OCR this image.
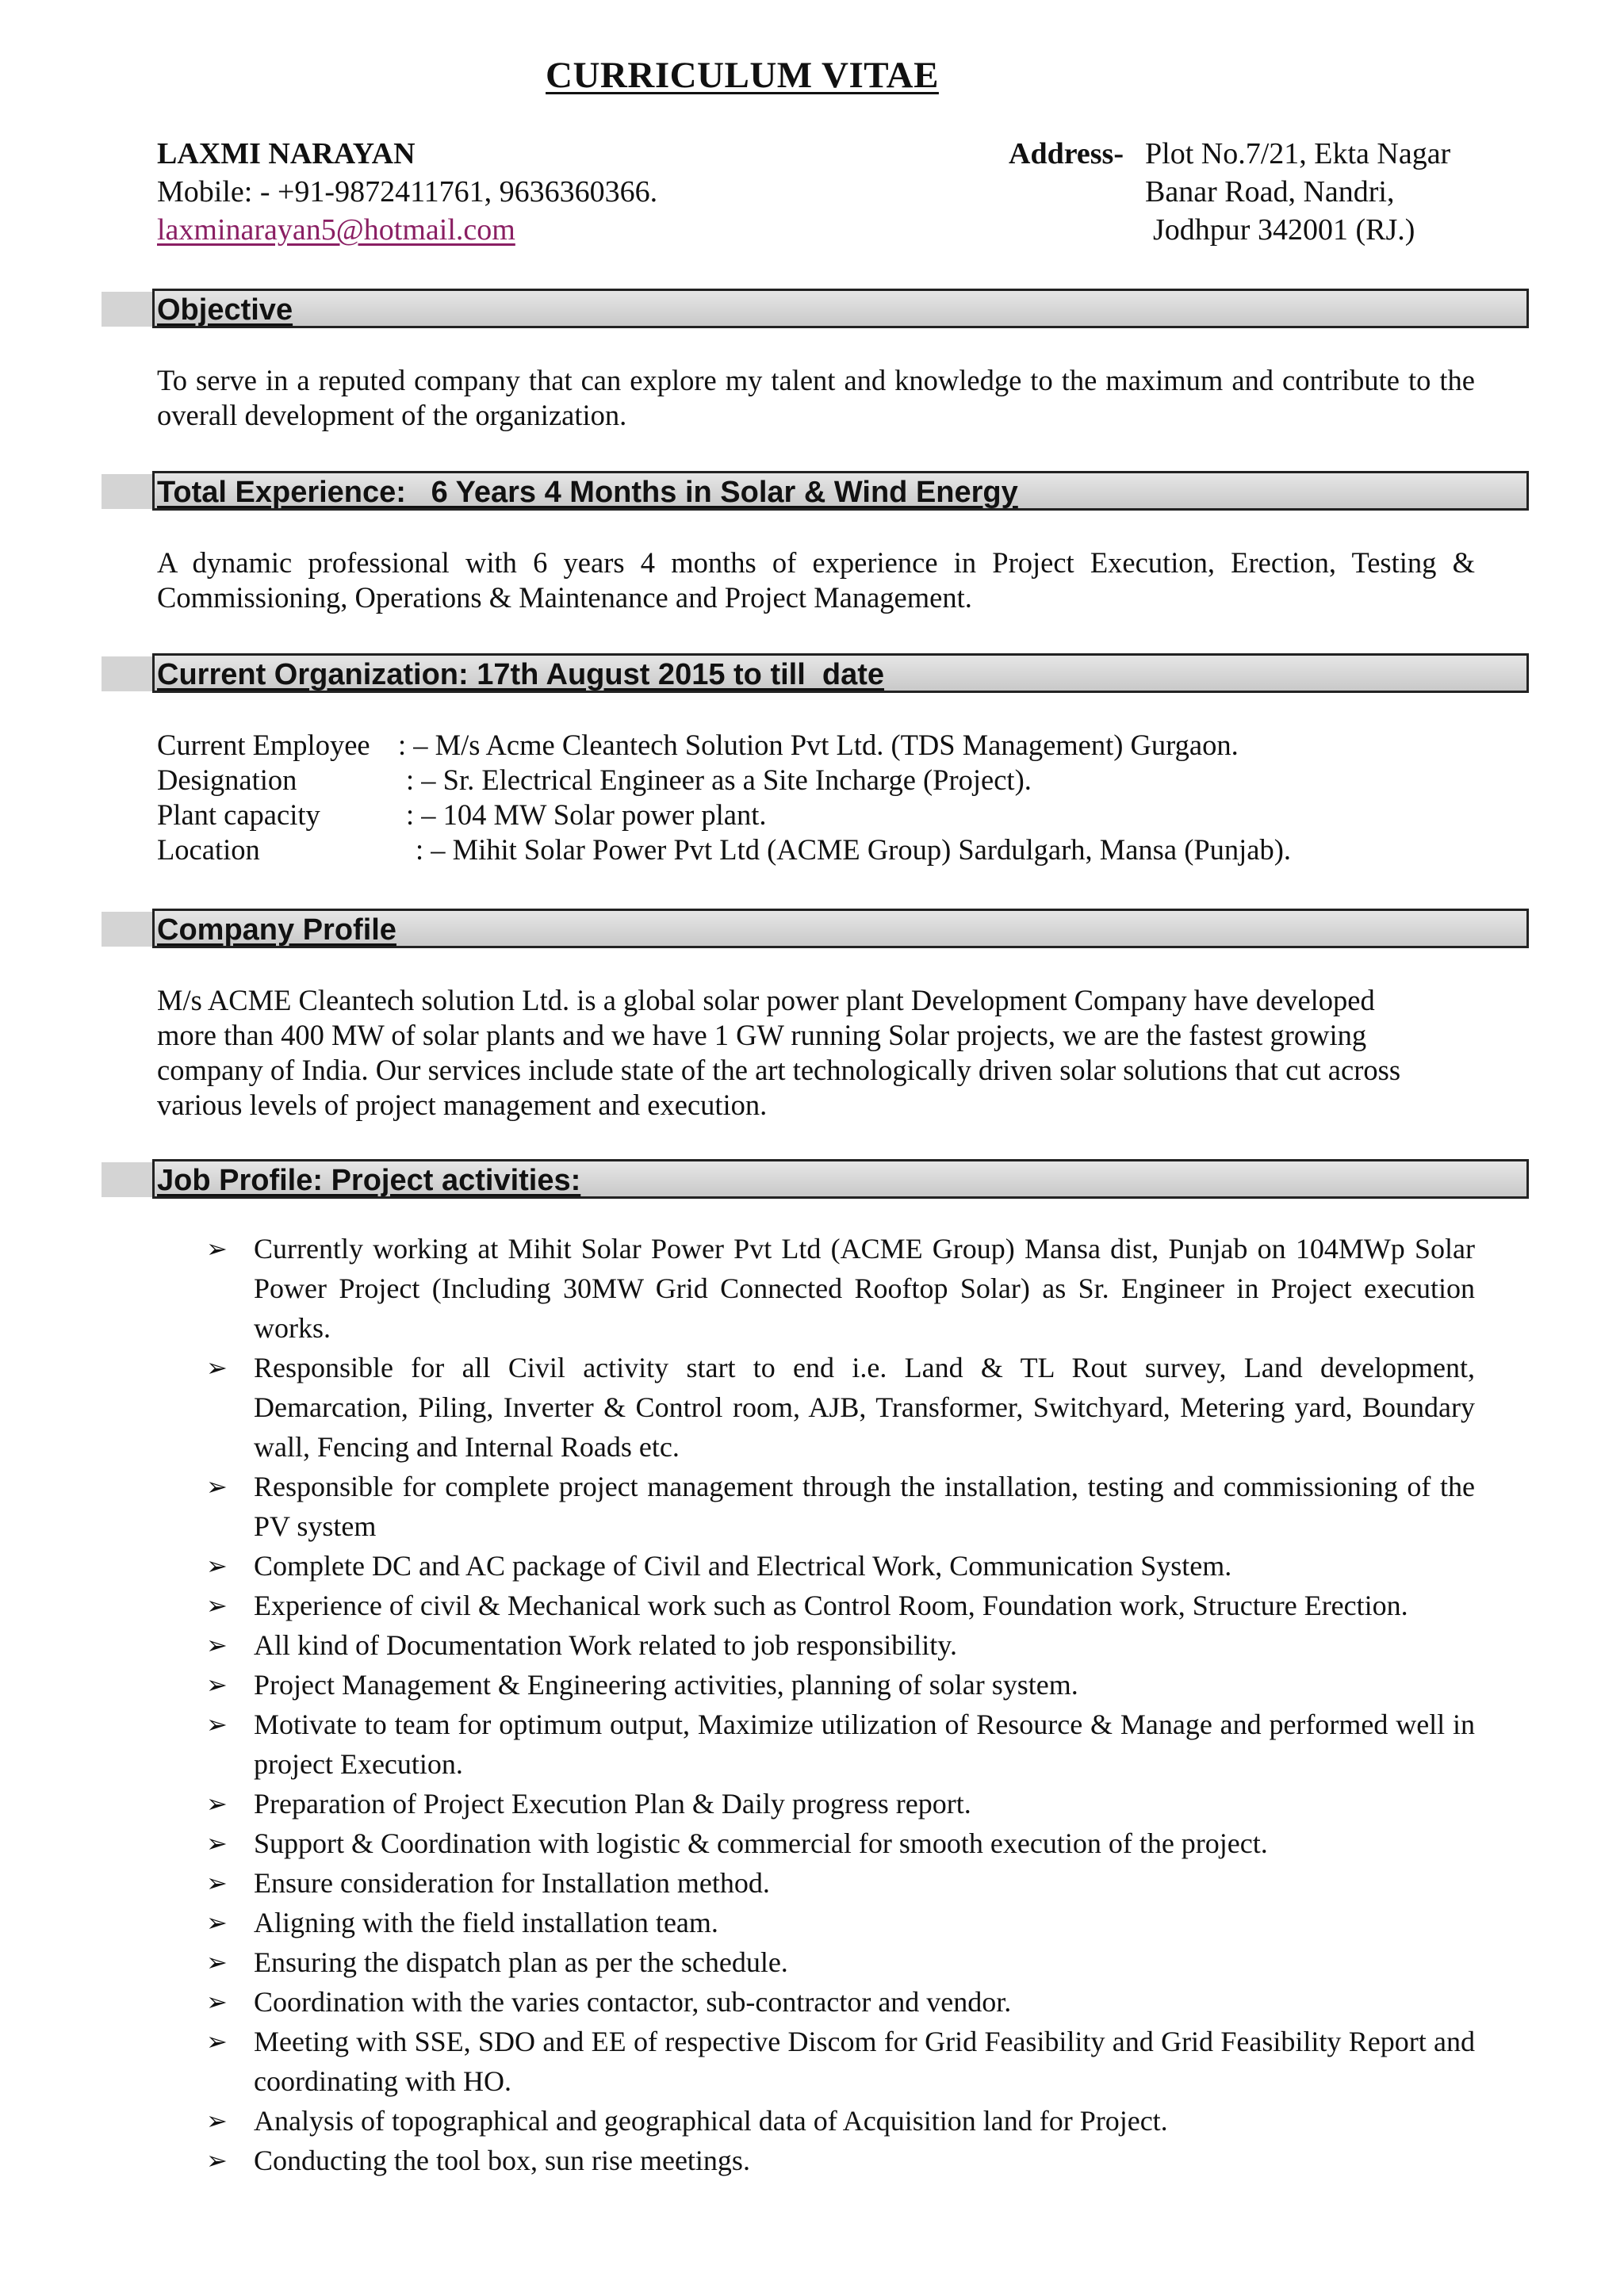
CURRICULUM VITAE
LAXMI NARAYAN
Mobile: - +91-9872411761, 9636360366.
laxminarayan5@hotmail.com
Address- Plot No.7/21, Ekta Nagar
Banar Road, Nandri,
Jodhpur 342001 (RJ.)
Objective
To serve in a reputed company that can explore my talent and knowledge to the maximum and contribute to the overall development of the organization.
Total Experience:   6 Years 4 Months in Solar & Wind Energy
A dynamic professional with 6 years 4 months of experience in Project Execution, Erection, Testing & Commissioning, Operations & Maintenance and Project Management.
Current Organization: 17th August 2015 to till  date
Current Employee : – M/s Acme Cleantech Solution Pvt Ltd. (TDS Management) Gurgaon.
Designation	: – Sr. Electrical Engineer as a Site Incharge (Project).
Plant capacity	: – 104 MW Solar power plant.
Location	: – Mihit Solar Power Pvt Ltd (ACME Group) Sardulgarh, Mansa (Punjab).
Company Profile

M/s ACME Cleantech solution Ltd. is a global solar power plant Development Company have developed

more than 400 MW of solar plants and we have 1 GW running Solar projects, we are the fastest growing

company of India. Our services include state of the art technologically driven solar solutions that cut across

various levels of project management and execution.

Job Profile: Project activities:
➢ Currently working at Mihit Solar Power Pvt Ltd (ACME Group) Mansa dist, Punjab on 104MWp Solar Power Project (Including 30MW Grid Connected Rooftop Solar) as Sr. Engineer in Project execution works.
➢ Responsible for all Civil activity start to end i.e. Land & TL Rout survey, Land development, Demarcation, Piling, Inverter & Control room, AJB, Transformer, Switchyard, Metering yard, Boundary wall, Fencing and Internal Roads etc.
➢ Responsible for complete project management through the installation, testing and commissioning of the PV system
➢ Complete DC and AC package of Civil and Electrical Work, Communication System.
➢ Experience of civil & Mechanical work such as Control Room, Foundation work, Structure Erection.
➢ All kind of Documentation Work related to job responsibility.
➢ Project Management & Engineering activities, planning of solar system.
➢ Motivate to team for optimum output, Maximize utilization of Resource & Manage and performed well in project Execution.
➢ Preparation of Project Execution Plan & Daily progress report.
➢ Support & Coordination with logistic & commercial for smooth execution of the project.
➢ Ensure consideration for Installation method.
➢ Aligning with the field installation team.
➢ Ensuring the dispatch plan as per the schedule.
➢ Coordination with the varies contactor, sub-contractor and vendor.
➢ Meeting with SSE, SDO and EE of respective Discom for Grid Feasibility and Grid Feasibility Report and coordinating with HO.
➢ Analysis of topographical and geographical data of Acquisition land for Project.
➢ Conducting the tool box, sun rise meetings.
